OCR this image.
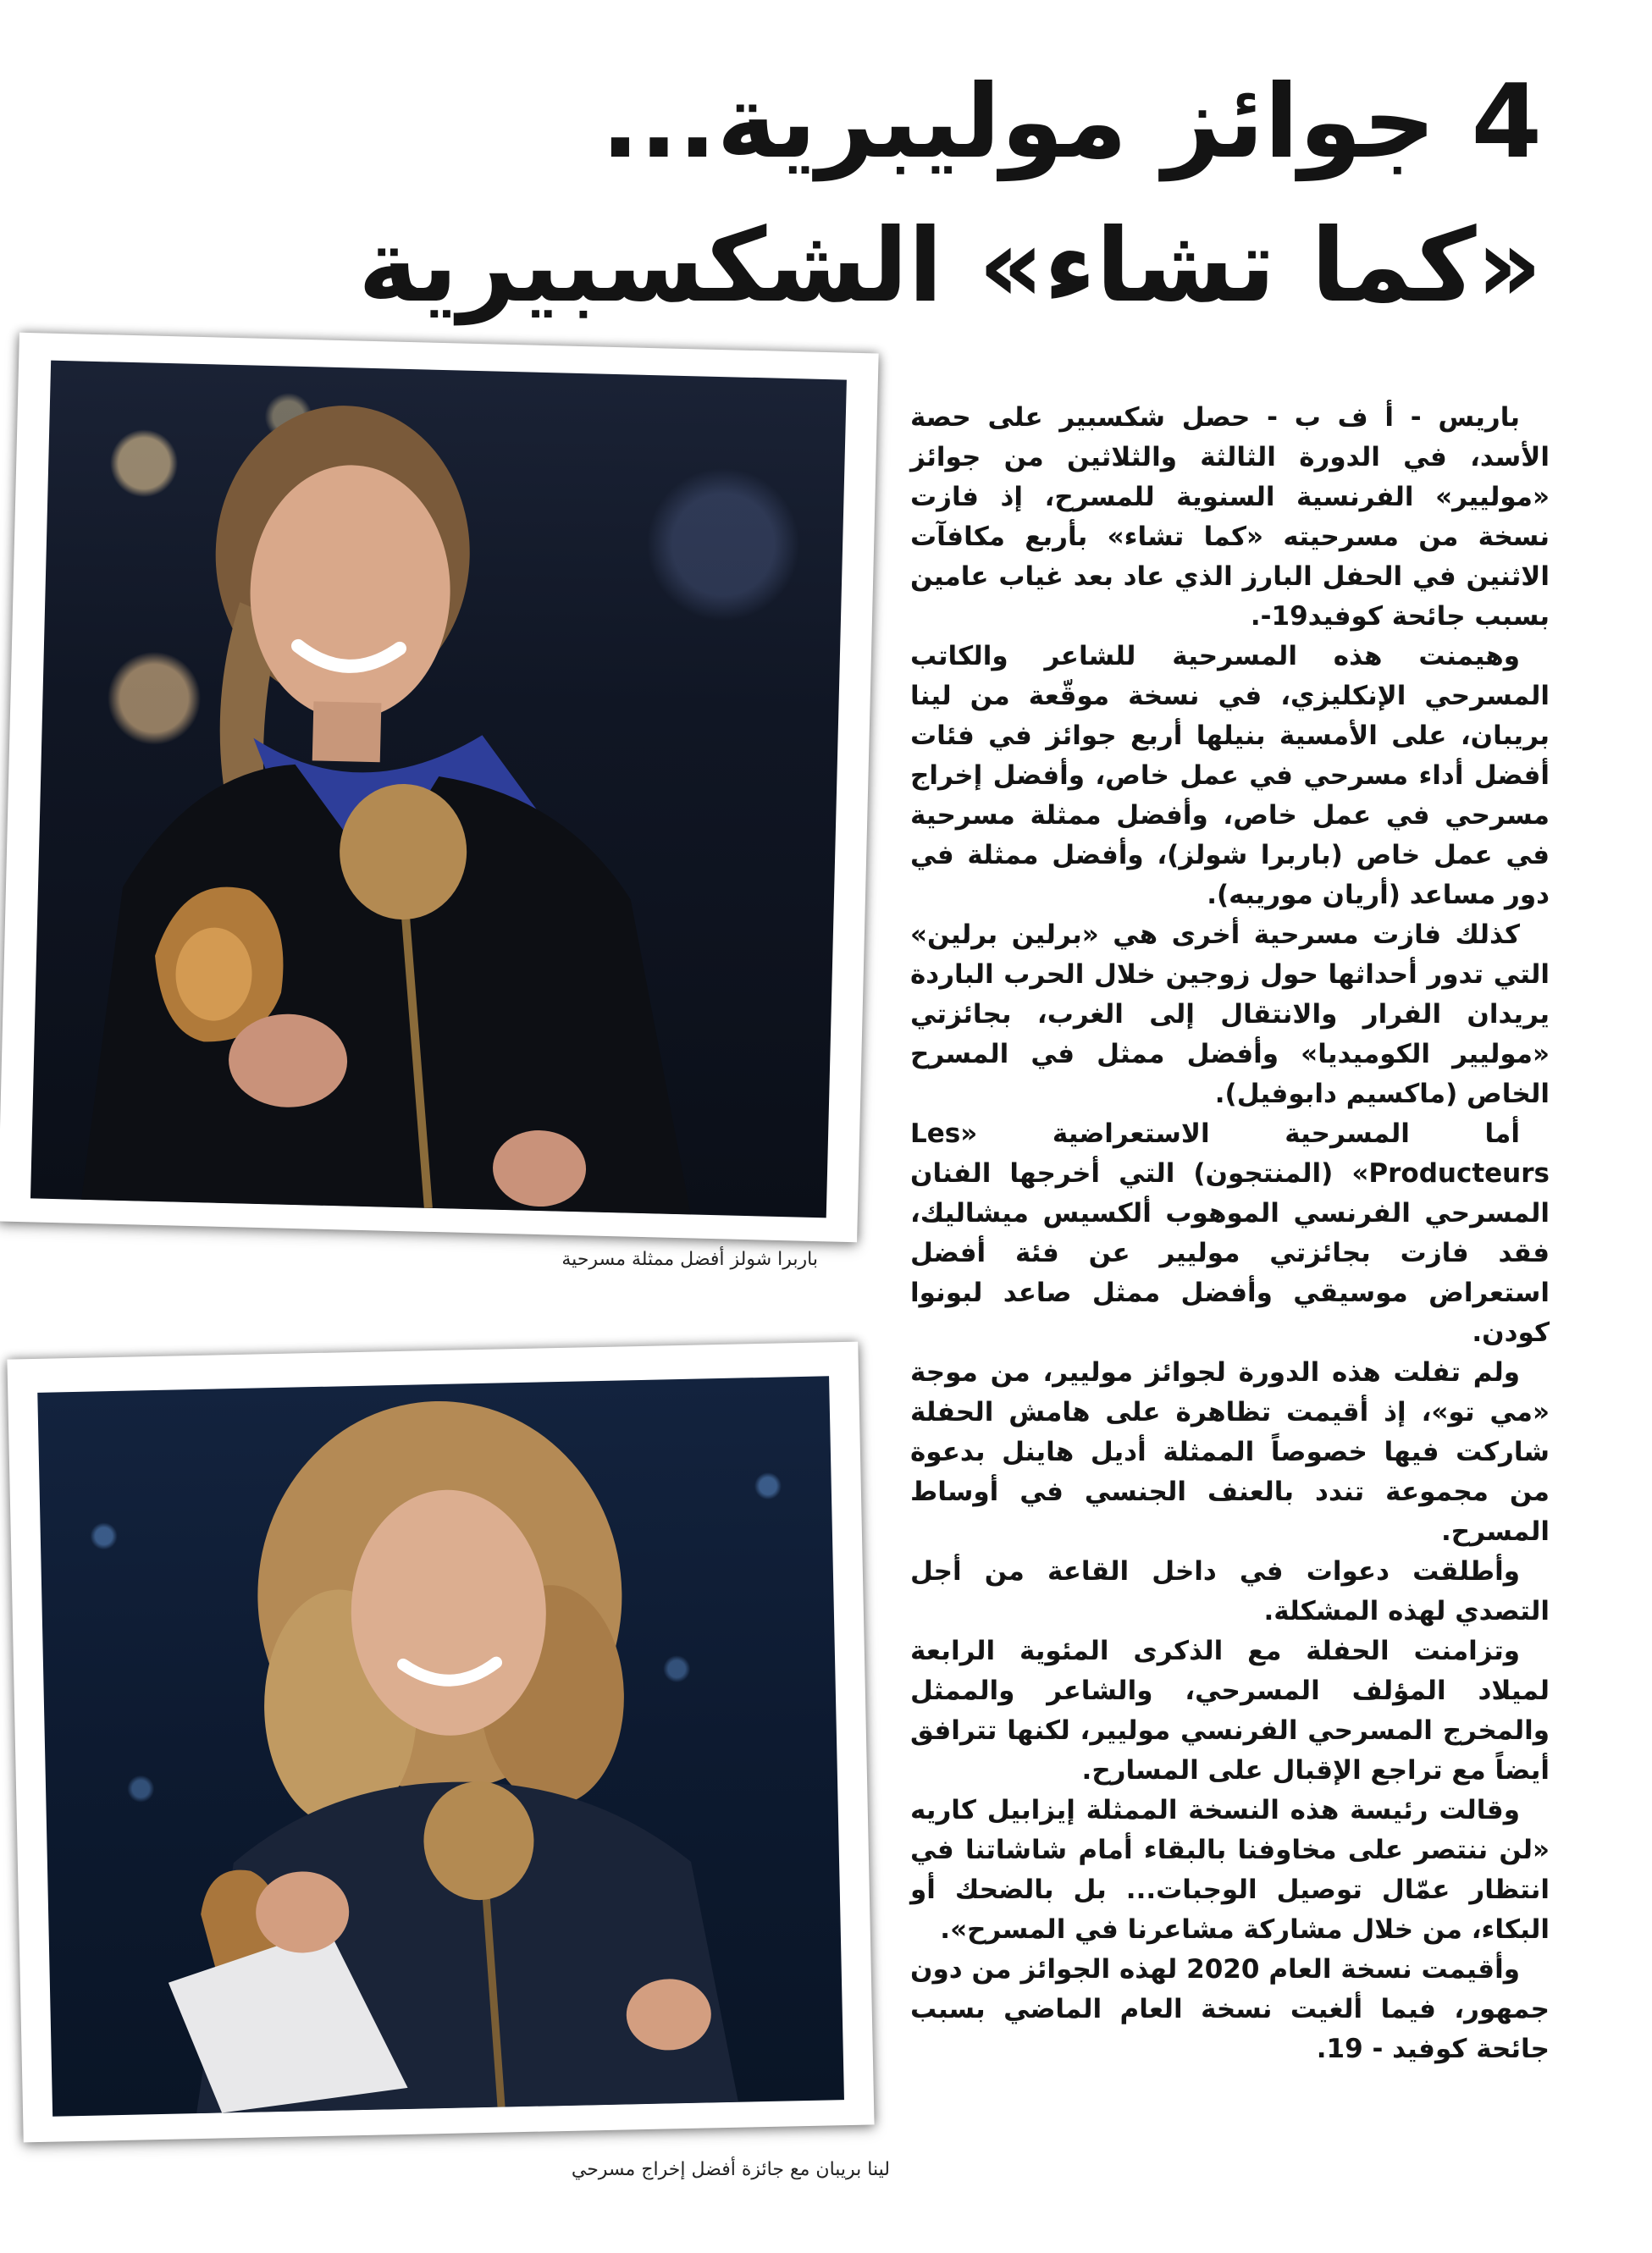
4 جوائز موليبرية...
«كما تشاء» الشكسبيرية
باربرا شولز أفضل ممثلة مسرحية
لينا بريبان مع جائزة أفضل إخراج مسرحي

باريس - أ ف ب - حصل شكسبير على حصة الأسد، في الدورة الثالثة والثلاثين من جوائز «موليير» الفرنسية السنوية للمسرح، إذ فازت نسخة من مسرحيته «كما تشاء» بأربع مكافآت الاثنين في الحفل البارز الذي عاد بعد غياب عامين بسبب جائحة كوفيد19-.

وهيمنت هذه المسرحية للشاعر والكاتب المسرحي الإنكليزي، في نسخة موقّعة من لينا بريبان، على الأمسية بنيلها أربع جوائز في فئات أفضل أداء مسرحي في عمل خاص، وأفضل إخراج مسرحي في عمل خاص، وأفضل ممثلة مسرحية في عمل خاص (باربرا شولز)، وأفضل ممثلة في دور مساعد (أريان موريبه).

كذلك فازت مسرحية أخرى هي «برلين برلين» التي تدور أحداثها حول زوجين خلال الحرب الباردة يريدان الفرار والانتقال إلى الغرب، بجائزتي «موليير الكوميديا» وأفضل ممثل في المسرح الخاص (ماكسيم دابوفيل).

أما المسرحية الاستعراضية «Les Producteurs» (المنتجون) التي أخرجها الفنان المسرحي الفرنسي الموهوب ألكسيس ميشاليك، فقد فازت بجائزتي موليير عن فئة أفضل استعراض موسيقي وأفضل ممثل صاعد لبونوا كودن.

ولم تفلت هذه الدورة لجوائز موليير، من موجة «مي تو»، إذ أقيمت تظاهرة على هامش الحفلة شاركت فيها خصوصاً الممثلة أديل هاينل بدعوة من مجموعة تندد بالعنف الجنسي في أوساط المسرح.

وأطلقت دعوات في داخل القاعة من أجل التصدي لهذه المشكلة.

وتزامنت الحفلة مع الذكرى المئوية الرابعة لميلاد المؤلف المسرحي، والشاعر والممثل والمخرج المسرحي الفرنسي موليير، لكنها تترافق أيضاً مع تراجع الإقبال على المسارح.

وقالت رئيسة هذه النسخة الممثلة إيزابيل كاريه «لن ننتصر على مخاوفنا بالبقاء أمام شاشاتنا في انتظار عمّال توصيل الوجبات... بل بالضحك أو البكاء، من خلال مشاركة مشاعرنا في المسرح».

وأقيمت نسخة العام 2020 لهذه الجوائز من دون جمهور، فيما ألغيت نسخة العام الماضي بسبب جائحة كوفيد - 19.
